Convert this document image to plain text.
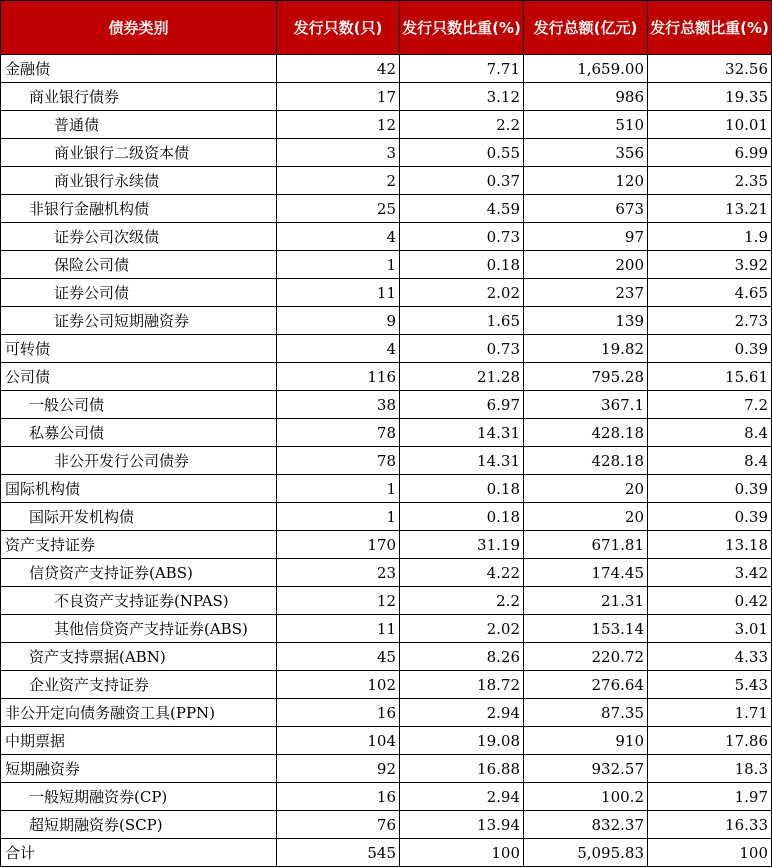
债券类别	发行只数(只)	发行只数比重(%)	发行总额(亿元)	发行总额比重(%)
金融债	42	7.71	1,659.00	32.56
商业银行债券	17	3.12	986	19.35
普通债	12	2.2	510	10.01
商业银行二级资本债	3	0.55	356	6.99
商业银行永续债	2	0.37	120	2.35
非银行金融机构债	25	4.59	673	13.21
证券公司次级债	4	0.73	97	1.9
保险公司债	1	0.18	200	3.92
证券公司债	11	2.02	237	4.65
证券公司短期融资券	9	1.65	139	2.73
可转债	4	0.73	19.82	0.39
公司债	116	21.28	795.28	15.61
一般公司债	38	6.97	367.1	7.2
私募公司债	78	14.31	428.18	8.4
非公开发行公司债券	78	14.31	428.18	8.4
国际机构债	1	0.18	20	0.39
国际开发机构债	1	0.18	20	0.39
资产支持证券	170	31.19	671.81	13.18
信贷资产支持证券(ABS)	23	4.22	174.45	3.42
不良资产支持证券(NPAS)	12	2.2	21.31	0.42
其他信贷资产支持证券(ABS)	11	2.02	153.14	3.01
资产支持票据(ABN)	45	8.26	220.72	4.33
企业资产支持证券	102	18.72	276.64	5.43
非公开定向债务融资工具(PPN)	16	2.94	87.35	1.71
中期票据	104	19.08	910	17.86
短期融资券	92	16.88	932.57	18.3
一般短期融资券(CP)	16	2.94	100.2	1.97
超短期融资券(SCP)	76	13.94	832.37	16.33
合计	545	100	5,095.83	100
